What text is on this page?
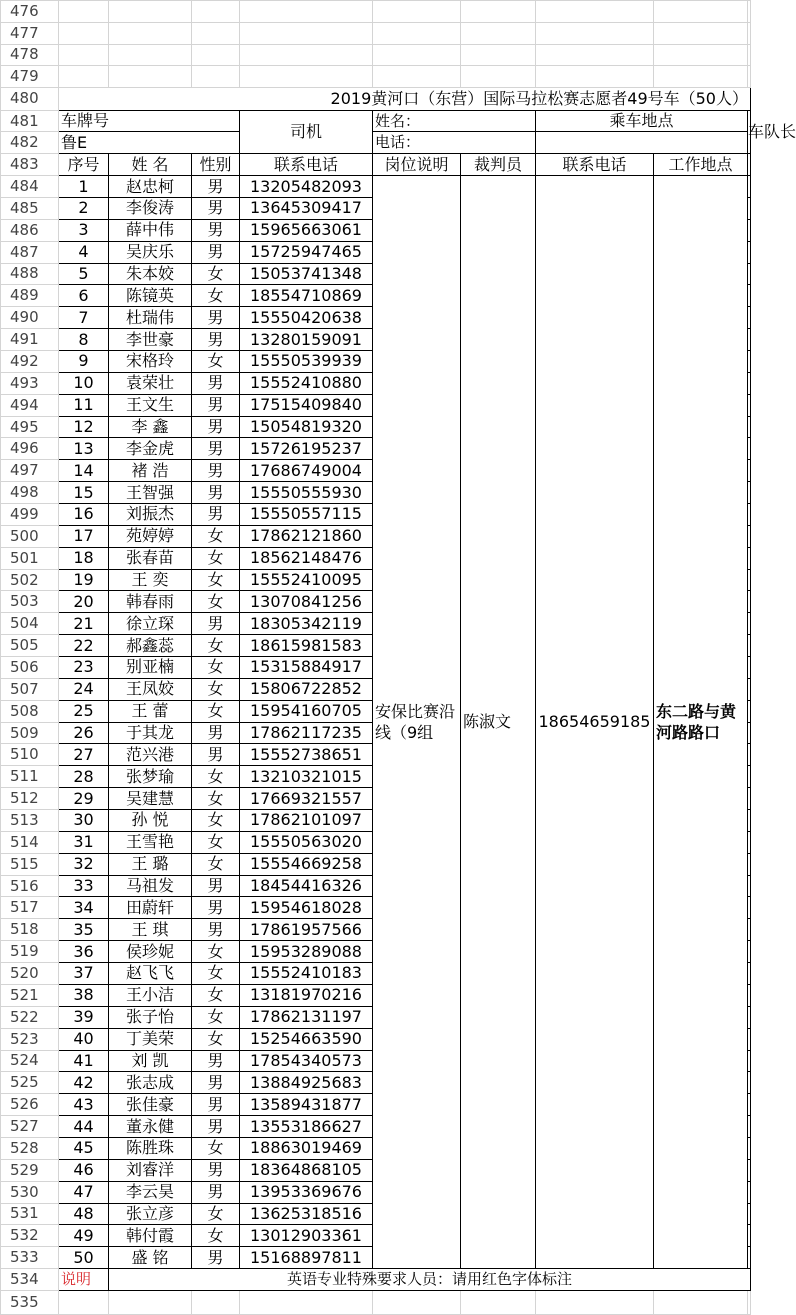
476										
477										
478										
479										
480	2019黄河口（东营）国际马拉松赛志愿者49号车（50人）									
481	车牌号			司机	姓名：		乘车地点		车队长	
482	鲁E				电话：					
483	序号	姓 名	性别	联系电话	岗位说明	裁判员	联系电话	工作地点		
484	1	赵忠柯	男	13205482093	安保比赛沿线（9组	陈淑文	18654659185	东二路与黄河路路口		
485	2	李俊涛	男	13645309417						
486	3	薛中伟	男	15965663061						
487	4	吴庆乐	男	15725947465						
488	5	朱本姣	女	15053741348						
489	6	陈镜英	女	18554710869						
490	7	杜瑞伟	男	15550420638						
491	8	李世豪	男	13280159091						
492	9	宋格玲	女	15550539939						
493	10	袁荣壮	男	15552410880						
494	11	王文生	男	17515409840						
495	12	李 鑫	男	15054819320						
496	13	李金虎	男	15726195237						
497	14	褚 浩	男	17686749004						
498	15	王智强	男	15550555930						
499	16	刘振杰	男	15550557115						
500	17	苑婷婷	女	17862121860						
501	18	张春苗	女	18562148476						
502	19	王 奕	女	15552410095						
503	20	韩春雨	女	13070841256						
504	21	徐立琛	男	18305342119						
505	22	郝鑫蕊	女	18615981583						
506	23	别亚楠	女	15315884917						
507	24	王凤姣	女	15806722852						
508	25	王 蕾	女	15954160705						
509	26	于其龙	男	17862117235						
510	27	范兴港	男	15552738651						
511	28	张梦瑜	女	13210321015						
512	29	吴建慧	女	17669321557						
513	30	孙 悦	女	17862101097						
514	31	王雪艳	女	15550563020						
515	32	王 璐	女	15554669258						
516	33	马祖发	男	18454416326						
517	34	田蔚轩	男	15954618028						
518	35	王 琪	男	17861957566						
519	36	侯珍妮	女	15953289088						
520	37	赵飞飞	女	15552410183						
521	38	王小洁	女	13181970216						
522	39	张子怡	女	17862131197						
523	40	丁美荣	女	15254663590						
524	41	刘 凯	男	17854340573						
525	42	张志成	男	13884925683						
526	43	张佳豪	男	13589431877						
527	44	董永健	男	13553186627						
528	45	陈胜珠	女	18863019469						
529	46	刘睿洋	男	18364868105						
530	47	李云昊	男	13953369676						
531	48	张立彦	女	13625318516						
532	49	韩付霞	女	13012903361						
533	50	盛 铭	男	15168897811						
534	说明	英语专业特殊要求人员：请用红色字体标注								
535										
